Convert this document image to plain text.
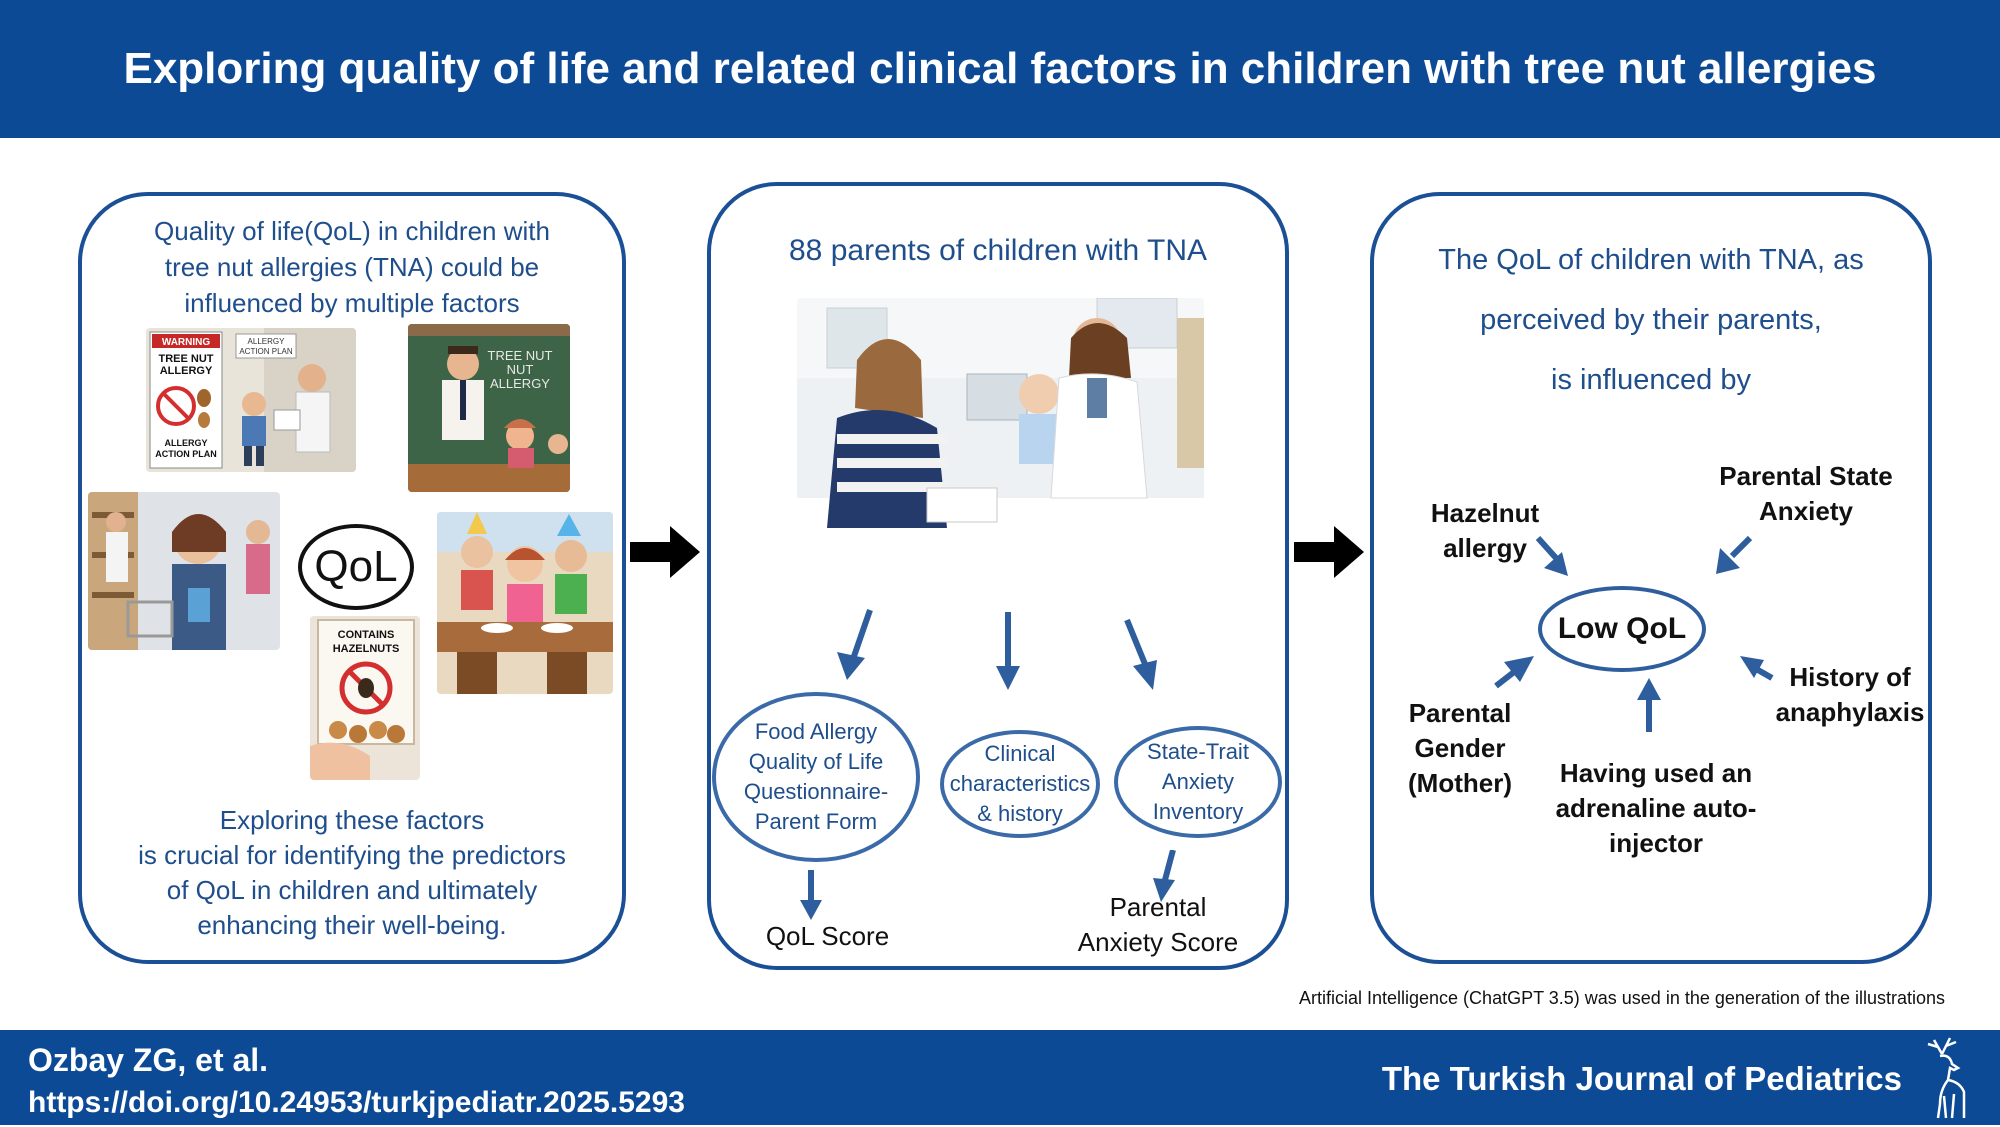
Exploring quality of life and related clinical factors in children with tree nut allergies
Quality of life(QoL) in children with
tree nut allergies (TNA) could be
influenced by multiple factors
WARNING
TREE NUT
ALLERGY
ALLERGY
ACTION PLAN
ALLERGY
ACTION PLAN	TREE NUT
NUT
ALLERGY
QoL
CONTAINS
HAZELNUTS
Exploring these factors
is crucial for identifying the predictors
of QoL in children and ultimately
enhancing their well-being.
88 parents of children with TNA
Food Allergy
Quality of Life
Questionnaire-
Parent Form
Clinical
characteristics
& history
State-Trait
Anxiety
Inventory
QoL Score
Parental
Anxiety Score
The QoL of children with TNA, as
perceived by their parents,
is influenced by
Low QoL
Hazelnut
allergy
Parental State
Anxiety
History of
anaphylaxis
Having used an
adrenaline auto-
injector
Parental
Gender
(Mother)
Artificial Intelligence (ChatGPT 3.5) was used in the generation of the illustrations
Ozbay ZG, et al.
https://doi.org/10.24953/turkjpediatr.2025.5293
The Turkish Journal of Pediatrics
